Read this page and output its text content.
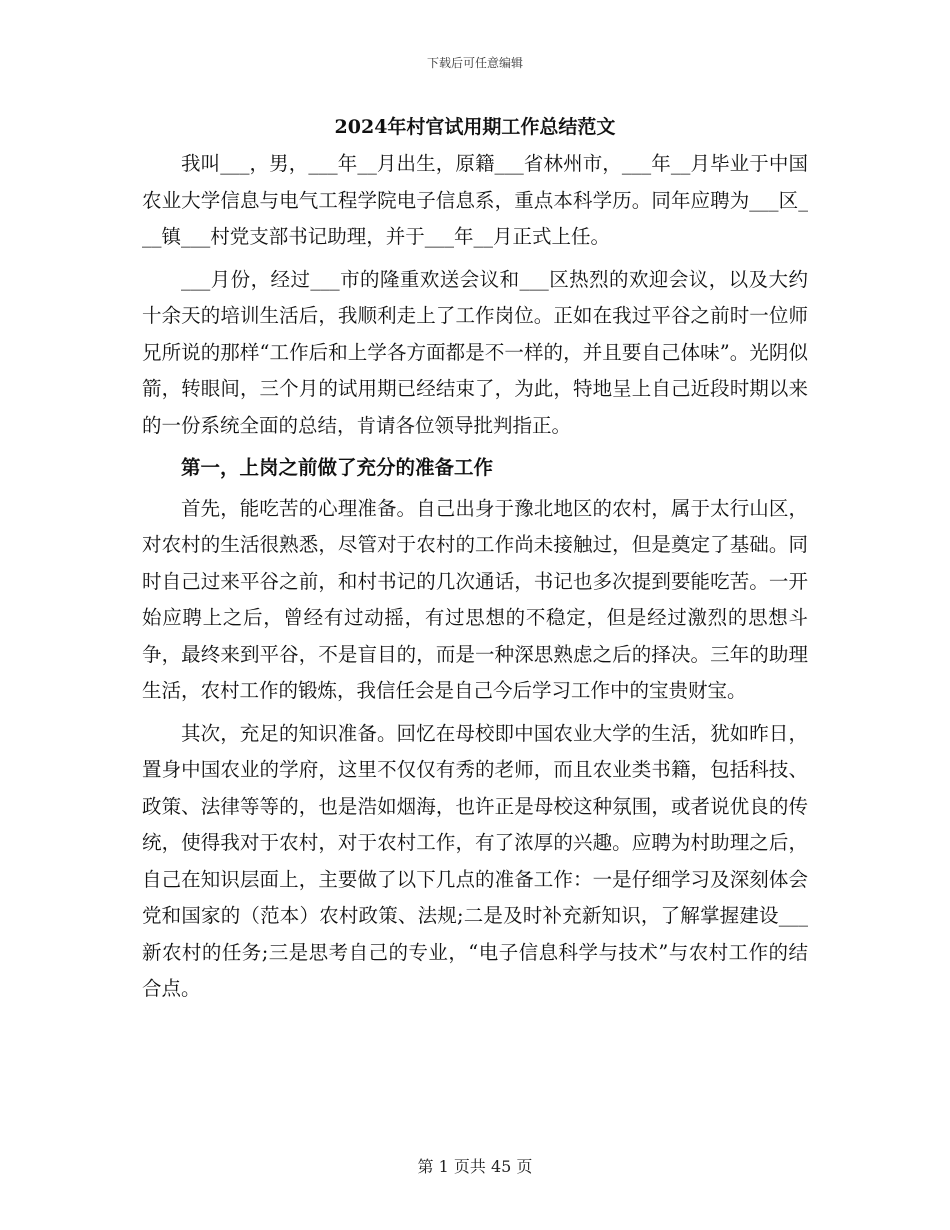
下载后可任意编辑
2024年村官试用期工作总结范文

我叫___，男，___年__月出生，原籍___省林州市，___年__月毕业于中国农业大学信息与电气工程学院电子信息系，重点本科学历。同年应聘为___区___镇___村党支部书记助理，并于___年__月正式上任。

___月份，经过___市的隆重欢送会议和___区热烈的欢迎会议，以及大约十余天的培训生活后，我顺利走上了工作岗位。正如在我过平谷之前时一位师兄所说的那样“工作后和上学各方面都是不一样的，并且要自己体味”。光阴似箭，转眼间，三个月的试用期已经结束了，为此，特地呈上自己近段时期以来的一份系统全面的总结，肯请各位领导批判指正。

第一，上岗之前做了充分的准备工作

首先，能吃苦的心理准备。自己出身于豫北地区的农村，属于太行山区，对农村的生活很熟悉，尽管对于农村的工作尚未接触过，但是奠定了基础。同时自己过来平谷之前，和村书记的几次通话，书记也多次提到要能吃苦。一开始应聘上之后，曾经有过动摇，有过思想的不稳定，但是经过激烈的思想斗争，最终来到平谷，不是盲目的，而是一种深思熟虑之后的择决。三年的助理生活，农村工作的锻炼，我信任会是自己今后学习工作中的宝贵财宝。

其次，充足的知识准备。回忆在母校即中国农业大学的生活，犹如昨日，置身中国农业的学府，这里不仅仅有秀的老师，而且农业类书籍，包括科技、政策、法律等等的，也是浩如烟海，也许正是母校这种氛围，或者说优良的传统，使得我对于农村，对于农村工作，有了浓厚的兴趣。应聘为村助理之后，自己在知识层面上，主要做了以下几点的准备工作：一是仔细学习及深刻体会党和国家的（范本）农村政策、法规;二是及时补充新知识，了解掌握建设___新农村的任务;三是思考自己的专业，“电子信息科学与技术”与农村工作的结合点。

第 1 页共 45 页
